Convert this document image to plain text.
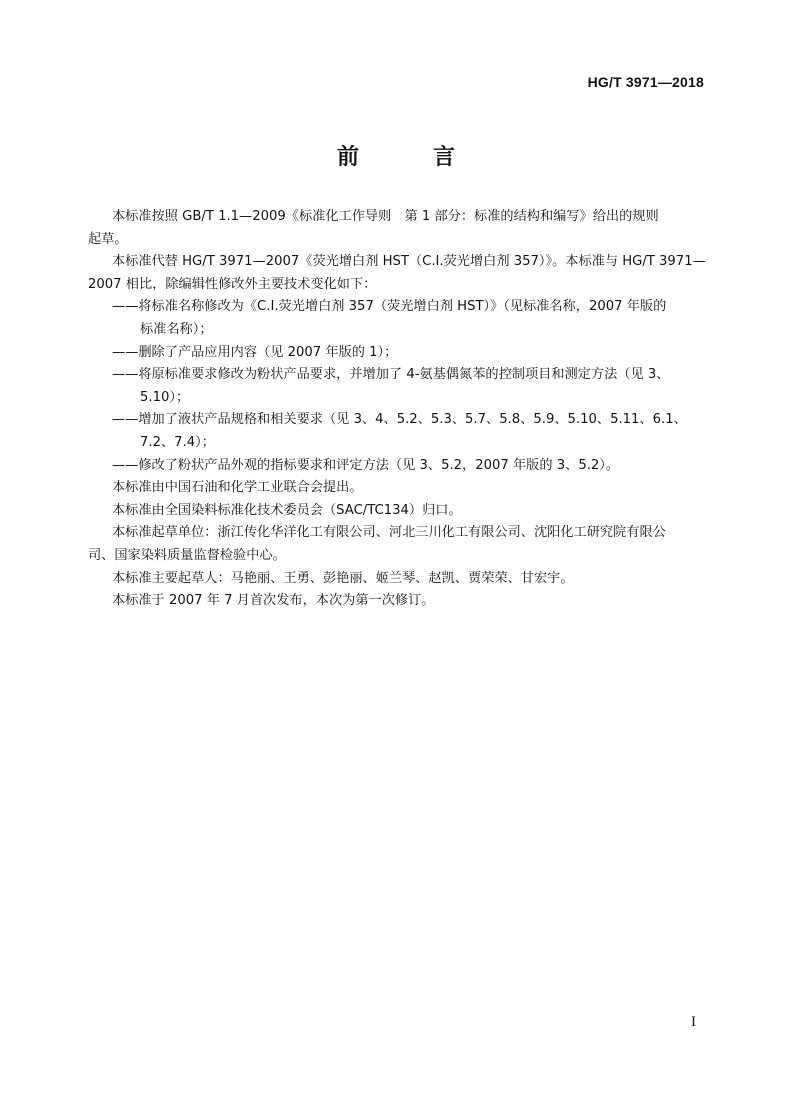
HG/T 3971—2018
前　言

本标准按照 GB/T 1.1—2009《标准化工作导则　第 1 部分：标准的结构和编写》给出的规则
起草。

本标准代替 HG/T 3971—2007《荧光增白剂 HST（C.I.荧光增白剂 357）》。本标准与 HG/T 3971—
2007 相比，除编辑性修改外主要技术变化如下：

——将标准名称修改为《C.I.荧光增白剂 357（荧光增白剂 HST）》（见标准名称，2007 年版的
标准名称）；
——删除了产品应用内容（见 2007 年版的 1）；
——将原标准要求修改为粉状产品要求，并增加了 4-氨基偶氮苯的控制项目和测定方法（见 3、
5.10）；
——增加了液状产品规格和相关要求（见 3、4、5.2、5.3、5.7、5.8、5.9、5.10、5.11、6.1、
7.2、7.4）；
——修改了粉状产品外观的指标要求和评定方法（见 3、5.2，2007 年版的 3、5.2）。

本标准由中国石油和化学工业联合会提出。

本标准由全国染料标准化技术委员会（SAC/TC134）归口。

本标准起草单位：浙江传化华洋化工有限公司、河北三川化工有限公司、沈阳化工研究院有限公
司、国家染料质量监督检验中心。

本标准主要起草人：马艳丽、王勇、彭艳丽、姬兰琴、赵凯、贾荣荣、甘宏宇。

本标准于 2007 年 7 月首次发布，本次为第一次修订。

I
